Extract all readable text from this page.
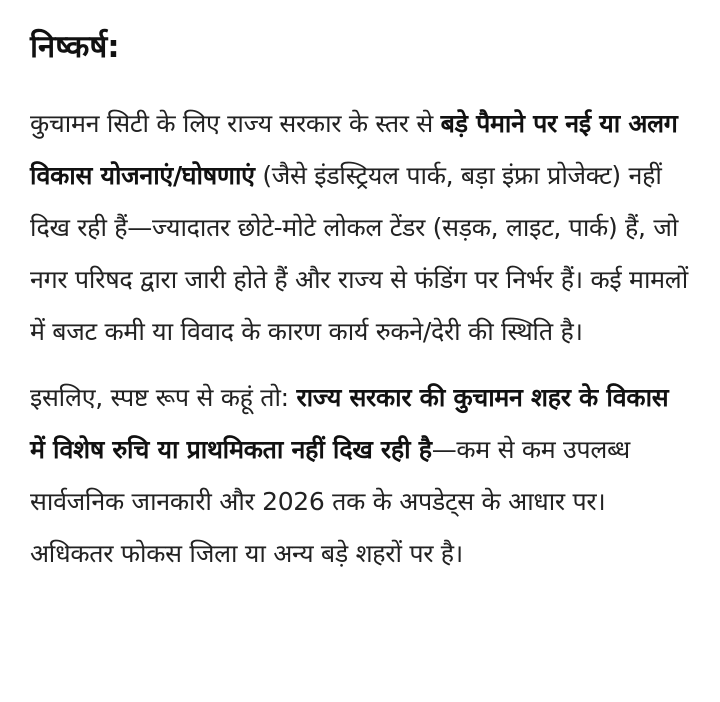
निष्कर्ष:

कुचामन सिटी के लिए राज्य सरकार के स्तर से बड़े पैमाने पर नई या अलग विकास योजनाएं/घोषणाएं (जैसे इंडस्ट्रियल पार्क, बड़ा इंफ्रा प्रोजेक्ट) नहीं दिख रही हैं—ज्यादातर छोटे-मोटे लोकल टेंडर (सड़क, लाइट, पार्क) हैं, जो नगर परिषद द्वारा जारी होते हैं और राज्य से फंडिंग पर निर्भर हैं। कई मामलों में बजट कमी या विवाद के कारण कार्य रुकने/देरी की स्थिति है।

इसलिए, स्पष्ट रूप से कहूं तो: राज्य सरकार की कुचामन शहर के विकास में विशेष रुचि या प्राथमिकता नहीं दिख रही है—कम से कम उपलब्ध सार्वजनिक जानकारी और 2026 तक के अपडेट्स के आधार पर। अधिकतर फोकस जिला या अन्य बड़े शहरों पर है।
